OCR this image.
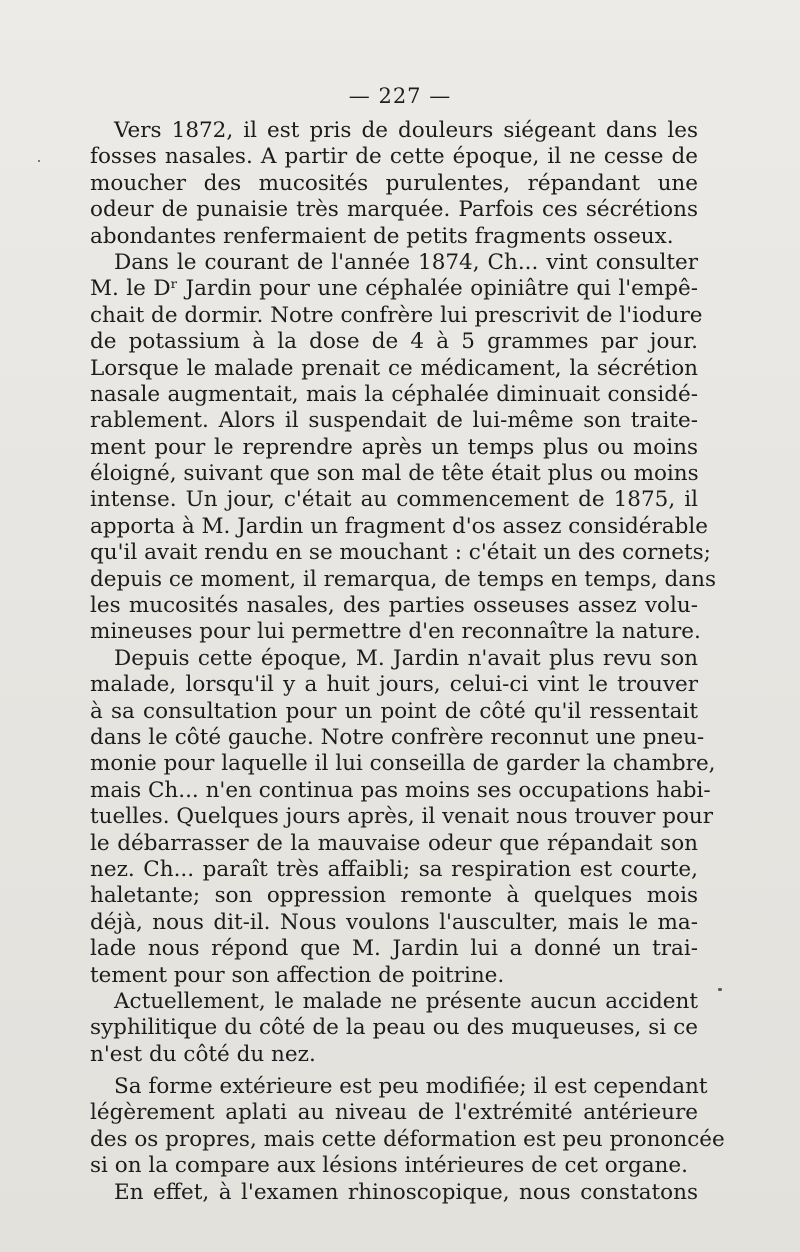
— 227 —
Vers 1872, il est pris de douleurs siégeant dans les
fosses nasales. A partir de cette époque, il ne cesse de
moucher des mucosités purulentes, répandant une
odeur de punaisie très marquée. Parfois ces sécrétions
abondantes renfermaient de petits fragments osseux.
Dans le courant de l'année 1874, Ch... vint consulter
M. le Dʳ Jardin pour une céphalée opiniâtre qui l'empê-
chait de dormir. Notre confrère lui prescrivit de l'iodure
de potassium à la dose de 4 à 5 grammes par jour.
Lorsque le malade prenait ce médicament, la sécrétion
nasale augmentait, mais la céphalée diminuait considé-
rablement. Alors il suspendait de lui-même son traite-
ment pour le reprendre après un temps plus ou moins
éloigné, suivant que son mal de tête était plus ou moins
intense. Un jour, c'était au commencement de 1875, il
apporta à M. Jardin un fragment d'os assez considérable
qu'il avait rendu en se mouchant : c'était un des cornets;
depuis ce moment, il remarqua, de temps en temps, dans
les mucosités nasales, des parties osseuses assez volu-
mineuses pour lui permettre d'en reconnaître la nature.
Depuis cette époque, M. Jardin n'avait plus revu son
malade, lorsqu'il y a huit jours, celui-ci vint le trouver
à sa consultation pour un point de côté qu'il ressentait
dans le côté gauche. Notre confrère reconnut une pneu-
monie pour laquelle il lui conseilla de garder la chambre,
mais Ch... n'en continua pas moins ses occupations habi-
tuelles. Quelques jours après, il venait nous trouver pour
le débarrasser de la mauvaise odeur que répandait son
nez. Ch... paraît très affaibli; sa respiration est courte,
haletante; son oppression remonte à quelques mois
déjà, nous dit-il. Nous voulons l'ausculter, mais le ma-
lade nous répond que M. Jardin lui a donné un trai-
tement pour son affection de poitrine.
Actuellement, le malade ne présente aucun accident
syphilitique du côté de la peau ou des muqueuses, si ce
n'est du côté du nez.
Sa forme extérieure est peu modifiée; il est cependant
légèrement aplati au niveau de l'extrémité antérieure
des os propres, mais cette déformation est peu prononcée
si on la compare aux lésions intérieures de cet organe.
En effet, à l'examen rhinoscopique, nous constatons
